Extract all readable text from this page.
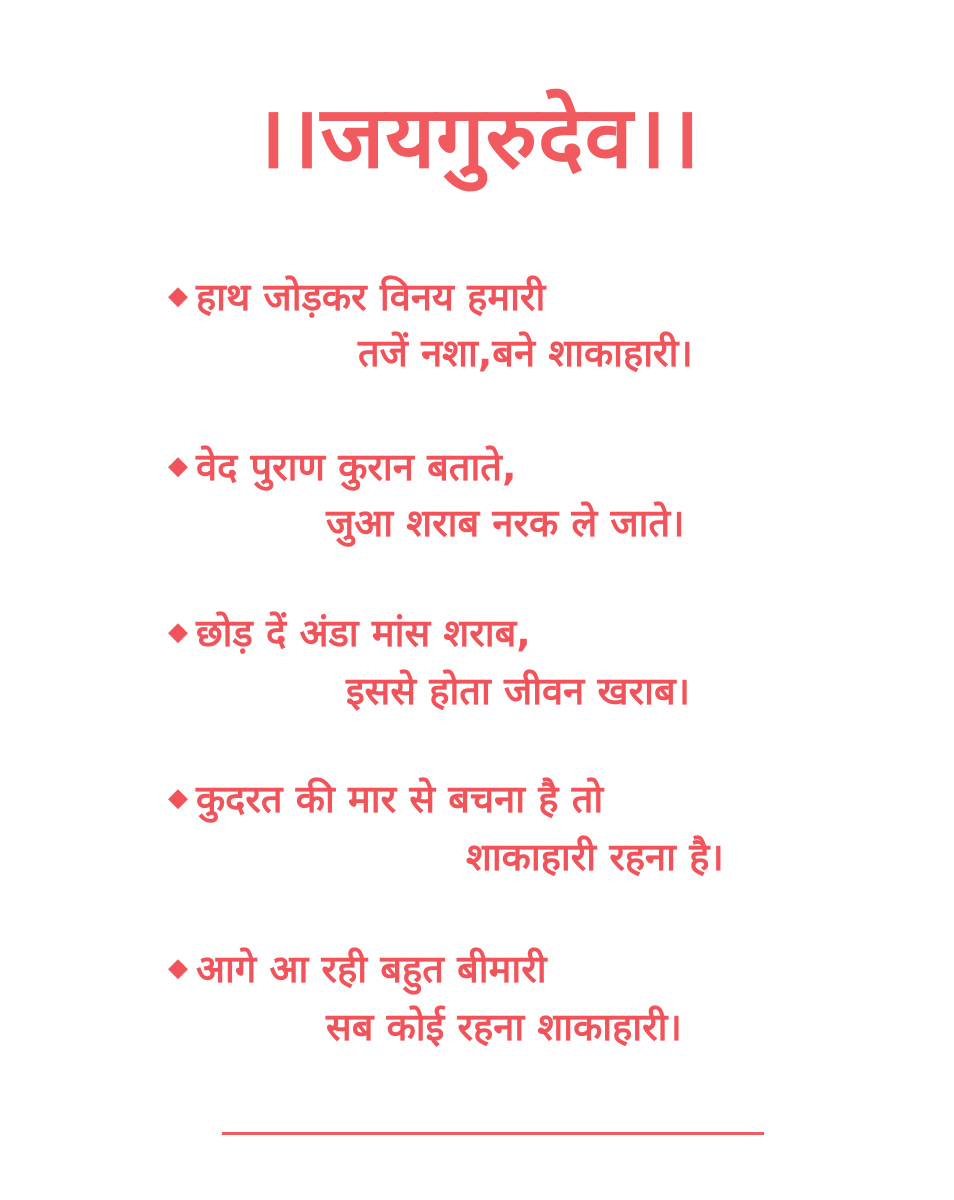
।।जयगुरुदेव।।
◆ हाथ जोड़कर विनय हमारी
तजें नशा,बने शाकाहारी।
◆ वेद पुराण कुरान बताते,
जुआ शराब नरक ले जाते।
◆ छोड़ दें अंडा मांस शराब,
इससे होता जीवन खराब।
◆ कुदरत की मार से बचना है तो
शाकाहारी रहना है।
◆ आगे आ रही बहुत बीमारी
सब कोई रहना शाकाहारी।
